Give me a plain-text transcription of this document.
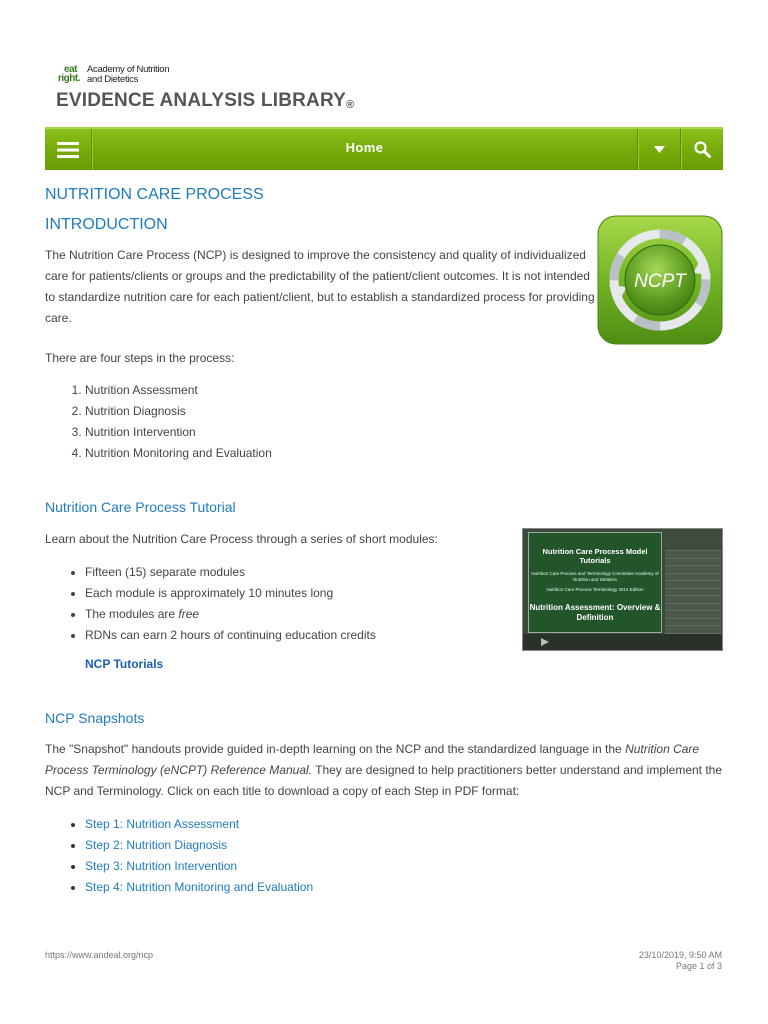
eat
right.
Academy of Nutrition
and Dietetics
EVIDENCE ANALYSIS LIBRARY®
Home
NUTRITION CARE PROCESS
INTRODUCTION
The Nutrition Care Process (NCP) is designed to improve the consistency and quality of individualized care for patients/clients or groups and the predictability of the patient/client outcomes. It is not intended to standardize nutrition care for each patient/client, but to establish a standardized process for providing care.
NCPT
There are four steps in the process:
1. Nutrition Assessment
2. Nutrition Diagnosis
3. Nutrition Intervention
4. Nutrition Monitoring and Evaluation
Nutrition Care Process Tutorial
Learn about the Nutrition Care Process through a series of short modules:
• Fifteen (15) separate modules
• Each module is approximately 10 minutes long
• The modules are free
• RDNs can earn 2 hours of continuing education credits
NCP Tutorials
Nutrition Care Process Model Tutorials
Nutrition Care Process and Terminology Committee Academy of Nutrition and Dietetics
Nutrition Care Process Terminology 2014 Edition
Nutrition Assessment: Overview & Definition
NCP Snapshots
The "Snapshot" handouts provide guided in-depth learning on the NCP and the standardized language in the Nutrition Care Process Terminology (eNCPT) Reference Manual. They are designed to help practitioners better understand and implement the NCP and Terminology. Click on each title to download a copy of each Step in PDF format:
• Step 1: Nutrition Assessment
• Step 2: Nutrition Diagnosis
• Step 3: Nutrition Intervention
• Step 4: Nutrition Monitoring and Evaluation
https://www.andeal.org/ncp	23/10/2019, 9:50 AM
Page 1 of 3
